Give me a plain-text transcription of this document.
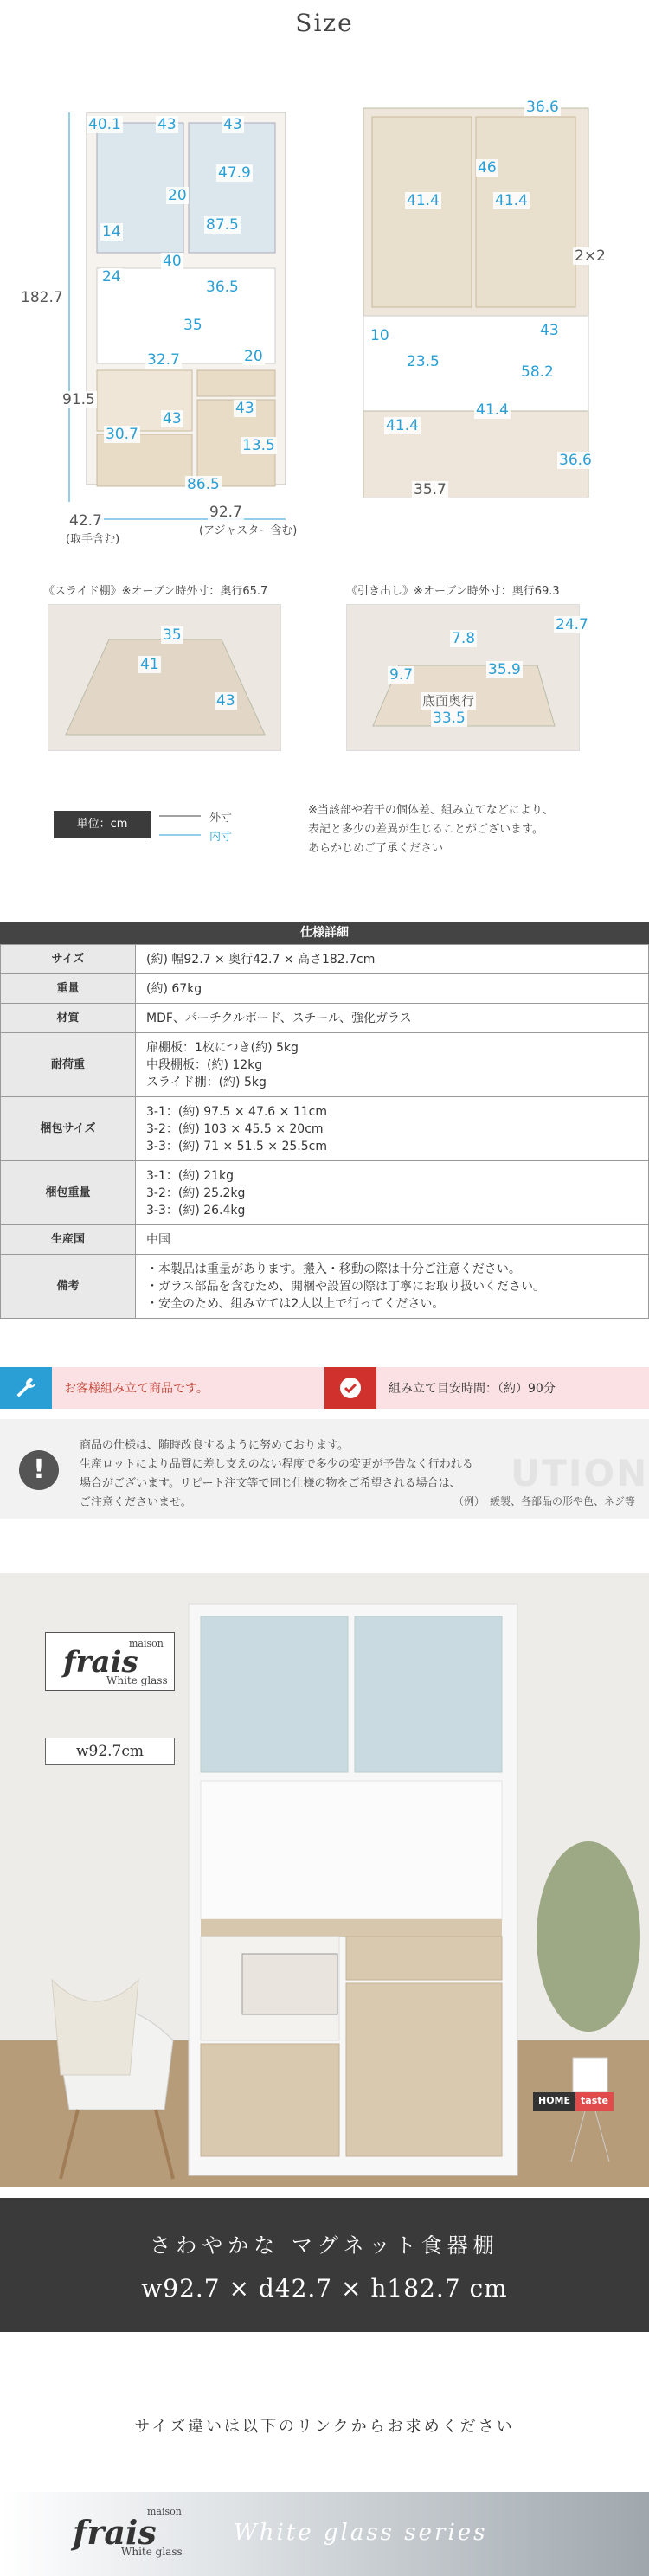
Size
40.1 43	43
47.9
20
87.5
14
40
24
36.5
35
32.7	20
43
43
91.5
182.7
30.7
13.5
86.5
42.7
(取手含む)
92.7
(アジャスター含む)
36.6
46
41.4	41.4
2×2
10
23.5
43
58.2
41.4
41.4
36.6
35.7
《スライド棚》※オーブン時外寸：奥行65.7
35
41
43
《引き出し》※オーブン時外寸：奥行69.3
7.8
24.7
9.7	35.9
底面奥行
33.5
単位：cm	外寸
内寸
※当該部や若干の個体差、組み立てなどにより、
表記と多少の差異が生じることがございます。
あらかじめご了承ください
仕様詳細
サイズ	(約) 幅92.7 × 奥行42.7 × 高さ182.7cm

重量	(約) 67kg

材質	MDF、パーチクルボード、スチール、強化ガラス

耐荷重	扉棚板：1枚につき(約) 5kg
中段棚板：(約) 12kg
スライド棚：(約) 5kg

梱包サイズ	3-1：(約) 97.5 × 47.6 × 11cm
3-2：(約) 103 × 45.5 × 20cm
3-3：(約) 71 × 51.5 × 25.5cm

梱包重量	3-1：(約) 21kg
3-2：(約) 25.2kg
3-3：(約) 26.4kg

生産国	中国

備考	・本製品は重量があります。搬入・移動の際は十分ご注意ください。
・ガラス部品を含むため、開梱や設置の際は丁寧にお取り扱いください。
・安全のため、組み立ては2人以上で行ってください。
お客様組み立て商品です。	組み立て目安時間：（約）90分
!	UTION
商品の仕様は、随時改良するように努めております。
生産ロットにより品質に差し支えのない程度で多少の変更が予告なく行われる
場合がございます。リピート注文等で同じ仕様の物をご希望される場合は、
ご注意くださいませ。	（例）　緩製、各部品の形や色、ネジ等
maison
frais
White glass
w92.7cm
HOME	taste
さわやかな マグネット食器棚
w92.7 × d42.7 × h182.7 cm
サイズ違いは以下のリンクからお求めください
maison
frais
White glass
White glass series
